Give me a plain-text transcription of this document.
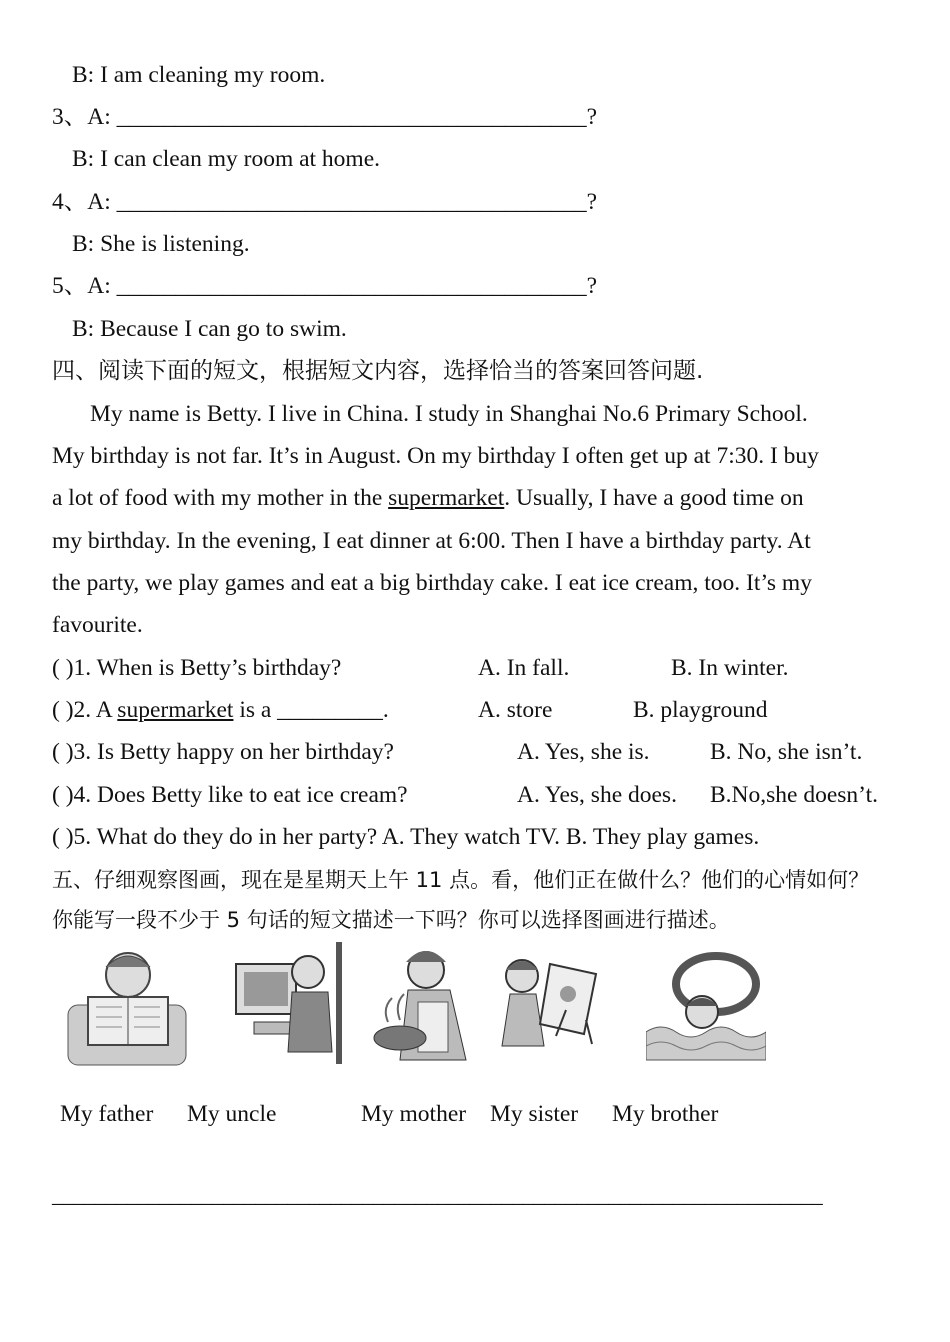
B: I am cleaning my room.
3、A: ________________________________________?
B: I can clean my room at home.
4、A: ________________________________________?
B: She is listening.
5、A: ________________________________________?
B: Because I can go to swim.
四、阅读下面的短文，根据短文内容，选择恰当的答案回答问题.
My name is Betty. I live in China. I study in Shanghai No.6 Primary School.
My birthday is not far. It’s in August. On my birthday I often get up at 7:30. I buy
a lot of food with my mother in the supermarket. Usually, I have a good time on
my birthday. In the evening, I eat dinner at 6:00. Then I have a birthday party. At
the party, we play games and eat a big birthday cake. I eat ice cream, too. It’s my
favourite.
( )1. When is Betty’s birthday?	A. In fall.	B. In winter.
( )2. A supermarket is a _________.	A. store	B. playground
( )3. Is Betty happy on her birthday?	A. Yes, she is.	B. No, she isn’t.
( )4. Does Betty like to eat ice cream?	A. Yes, she does. B.No,she doesn’t.
( )5. What do they do in her party? A. They watch TV. B. They play games.
五、仔细观察图画，现在是星期天上午 11 点。看，他们正在做什么？他们的心情如何？
你能写一段不少于 5 句话的短文描述一下吗？你可以选择图画进行描述。
My father My uncle	My mother My sister My brother
________________________________________________________________________
